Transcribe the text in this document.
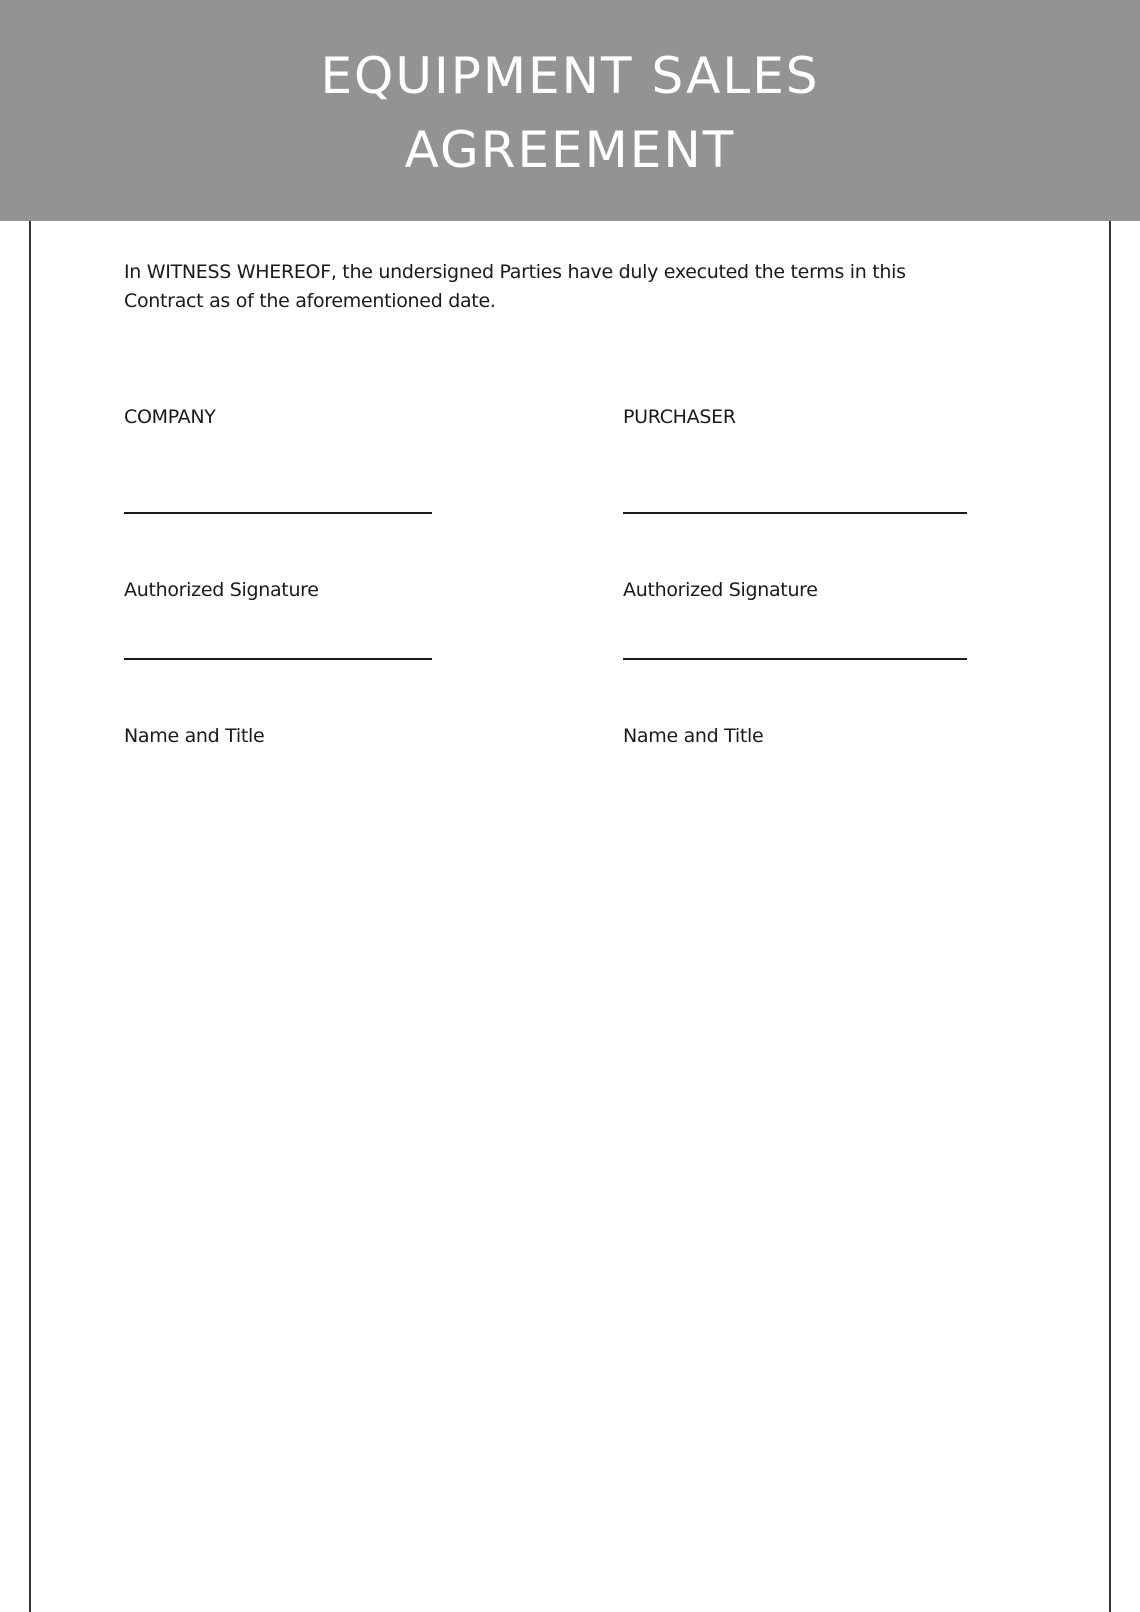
EQUIPMENT SALES AGREEMENT

In WITNESS WHEREOF, the undersigned Parties have duly executed the terms in this Contract as of the aforementioned date.

COMPANY
Authorized Signature
Name and Title
PURCHASER
Authorized Signature
Name and Title
